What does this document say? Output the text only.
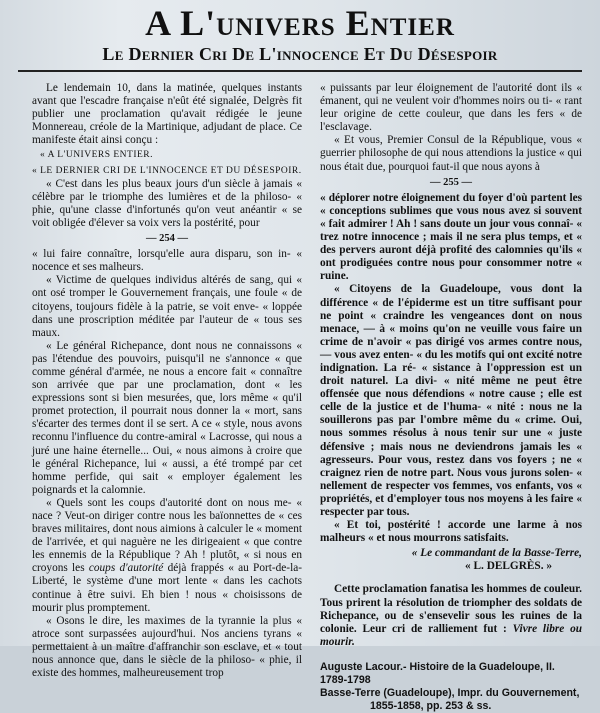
A L'univers Entier
Le Dernier Cri De L'innocence Et Du Désespoir

Le lendemain 10, dans la matinée, quelques instants avant que l'escadre française n'eût été signalée, Delgrès fit publier une proclamation qu'avait rédigée le jeune Monnereau, créole de la Martinique, adjudant de place. Ce manifeste était ainsi conçu :

« A L'UNIVERS ENTIER.

« LE DERNIER CRI DE L'INNOCENCE ET DU DÉSESPOIR.

« C'est dans les plus beaux jours d'un siècle à jamais « célèbre par le triomphe des lumières et de la philoso- « phie, qu'une classe d'infortunés qu'on veut anéantir « se voit obligée d'élever sa voix vers la postérité, pour

— 254 —

« lui faire connaître, lorsqu'elle aura disparu, son in- « nocence et ses malheurs.

« Victime de quelques individus altérés de sang, qui « ont osé tromper le Gouvernement français, une foule « de citoyens, toujours fidèle à la patrie, se voit enve- « loppée dans une proscription méditée par l'auteur de « tous ses maux.

« Le général Richepance, dont nous ne connaissons « pas l'étendue des pouvoirs, puisqu'il ne s'annonce « que comme général d'armée, ne nous a encore fait « connaître son arrivée que par une proclamation, dont « les expressions sont si bien mesurées, que, lors même « qu'il promet protection, il pourrait nous donner la « mort, sans s'écarter des termes dont il se sert. A ce « style, nous avons reconnu l'influence du contre-amiral « Lacrosse, qui nous a juré une haine éternelle... Oui, « nous aimons à croire que le général Richepance, lui « aussi, a été trompé par cet homme perfide, qui sait « employer également les poignards et la calomnie.

« Quels sont les coups d'autorité dont on nous me- « nace ? Veut-on diriger contre nous les baïonnettes de « ces braves militaires, dont nous aimions à calculer le « moment de l'arrivée, et qui naguère ne les dirigeaient « que contre les ennemis de la République ? Ah ! plutôt, « si nous en croyons les coups d'autorité déjà frappés « au Port-de-la-Liberté, le système d'une mort lente « dans les cachots continue à être suivi. Eh bien ! nous « choisissons de mourir plus promptement.

« Osons le dire, les maximes de la tyrannie la plus « atroce sont surpassées aujourd'hui. Nos anciens tyrans « permettaient à un maître d'affranchir son esclave, et « tout nous annonce que, dans le siècle de la philoso- « phie, il existe des hommes, malheureusement trop

« puissants par leur éloignement de l'autorité dont ils « émanent, qui ne veulent voir d'hommes noirs ou ti- « rant leur origine de cette couleur, que dans les fers « de l'esclavage.

« Et vous, Premier Consul de la République, vous « guerrier philosophe de qui nous attendions la justice « qui nous était due, pourquoi faut-il que nous ayons à

— 255 —

« déplorer notre éloignement du foyer d'où partent les « conceptions sublimes que vous nous avez si souvent « fait admirer ! Ah ! sans doute un jour vous connaî- « trez notre innocence ; mais il ne sera plus temps, et « des pervers auront déjà profité des calomnies qu'ils « ont prodiguées contre nous pour consommer notre « ruine.

« Citoyens de la Guadeloupe, vous dont la différence « de l'épiderme est un titre suffisant pour ne point « craindre les vengeances dont on nous menace, — à « moins qu'on ne veuille vous faire un crime de n'avoir « pas dirigé vos armes contre nous, — vous avez enten- « du les motifs qui ont excité notre indignation. La ré- « sistance à l'oppression est un droit naturel. La divi- « nité même ne peut être offensée que nous défendions « notre cause ; elle est celle de la justice et de l'huma- « nité : nous ne la souillerons pas par l'ombre même du « crime. Oui, nous sommes résolus à nous tenir sur une « juste défensive ; mais nous ne deviendrons jamais les « agresseurs. Pour vous, restez dans vos foyers ; ne « craignez rien de notre part. Nous vous jurons solen- « nellement de respecter vos femmes, vos enfants, vos « propriétés, et d'employer tous nos moyens à les faire « respecter par tous.

« Et toi, postérité ! accorde une larme à nos malheurs « et nous mourrons satisfaits.

« Le commandant de la Basse-Terre,

« L. DELGRÈS. »

Cette proclamation fanatisa les hommes de couleur. Tous prirent la résolution de triompher des soldats de Richepance, ou de s'ensevelir sous les ruines de la colonie. Leur cri de ralliement fut : Vivre libre ou mourir.

Auguste Lacour.- Histoire de la Guadeloupe, II. 1789-1798
Basse-Terre (Guadeloupe), Impr. du Gouvernement,
1855-1858, pp. 253 & ss.
